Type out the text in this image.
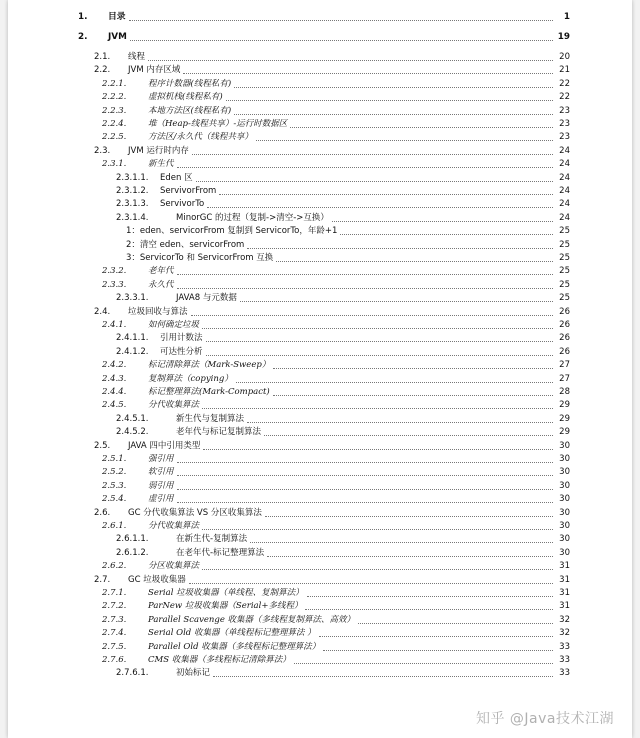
1.	目录	1
2.	JVM	19
2.1.	线程	20
2.2.	JVM 内存区域	21
2.2.1.	程序计数器(线程私有)	22
2.2.2.	虚拟机栈(线程私有)	22
2.2.3.	本地方法区(线程私有)	23
2.2.4.	堆（Heap-线程共享）-运行时数据区	23
2.2.5.	方法区/永久代（线程共享）	23
2.3.	JVM 运行时内存	24
2.3.1.	新生代	24
2.3.1.1.	Eden 区	24
2.3.1.2.	ServivorFrom	24
2.3.1.3.	ServivorTo	24
2.3.1.4.	MinorGC 的过程（复制->清空->互换）	24
1：eden、servicorFrom 复制到 ServicorTo，年龄+1	25
2：清空 eden、servicorFrom	25
3：ServicorTo 和 ServicorFrom 互换	25
2.3.2.	老年代	25
2.3.3.	永久代	25
2.3.3.1.	JAVA8 与元数据	25
2.4.	垃圾回收与算法	26
2.4.1.	如何确定垃圾	26
2.4.1.1.	引用计数法	26
2.4.1.2.	可达性分析	26
2.4.2.	标记清除算法（Mark-Sweep）	27
2.4.3.	复制算法（copying）	27
2.4.4.	标记整理算法(Mark-Compact)	28
2.4.5.	分代收集算法	29
2.4.5.1.	新生代与复制算法	29
2.4.5.2.	老年代与标记复制算法	29
2.5.	JAVA 四中引用类型	30
2.5.1.	强引用	30
2.5.2.	软引用	30
2.5.3.	弱引用	30
2.5.4.	虚引用	30
2.6.	GC 分代收集算法 VS 分区收集算法	30
2.6.1.	分代收集算法	30
2.6.1.1.	在新生代-复制算法	30
2.6.1.2.	在老年代-标记整理算法	30
2.6.2.	分区收集算法	31
2.7.	GC 垃圾收集器	31
2.7.1.	Serial 垃圾收集器（单线程、复制算法）	31
2.7.2.	ParNew 垃圾收集器（Serial+多线程）	31
2.7.3.	Parallel Scavenge 收集器（多线程复制算法、高效）	32
2.7.4.	Serial Old 收集器（单线程标记整理算法 ）	32
2.7.5.	Parallel Old 收集器（多线程标记整理算法）	33
2.7.6.	CMS 收集器（多线程标记清除算法）	33
2.7.6.1.	初始标记	33
知乎 @Java技术江湖
